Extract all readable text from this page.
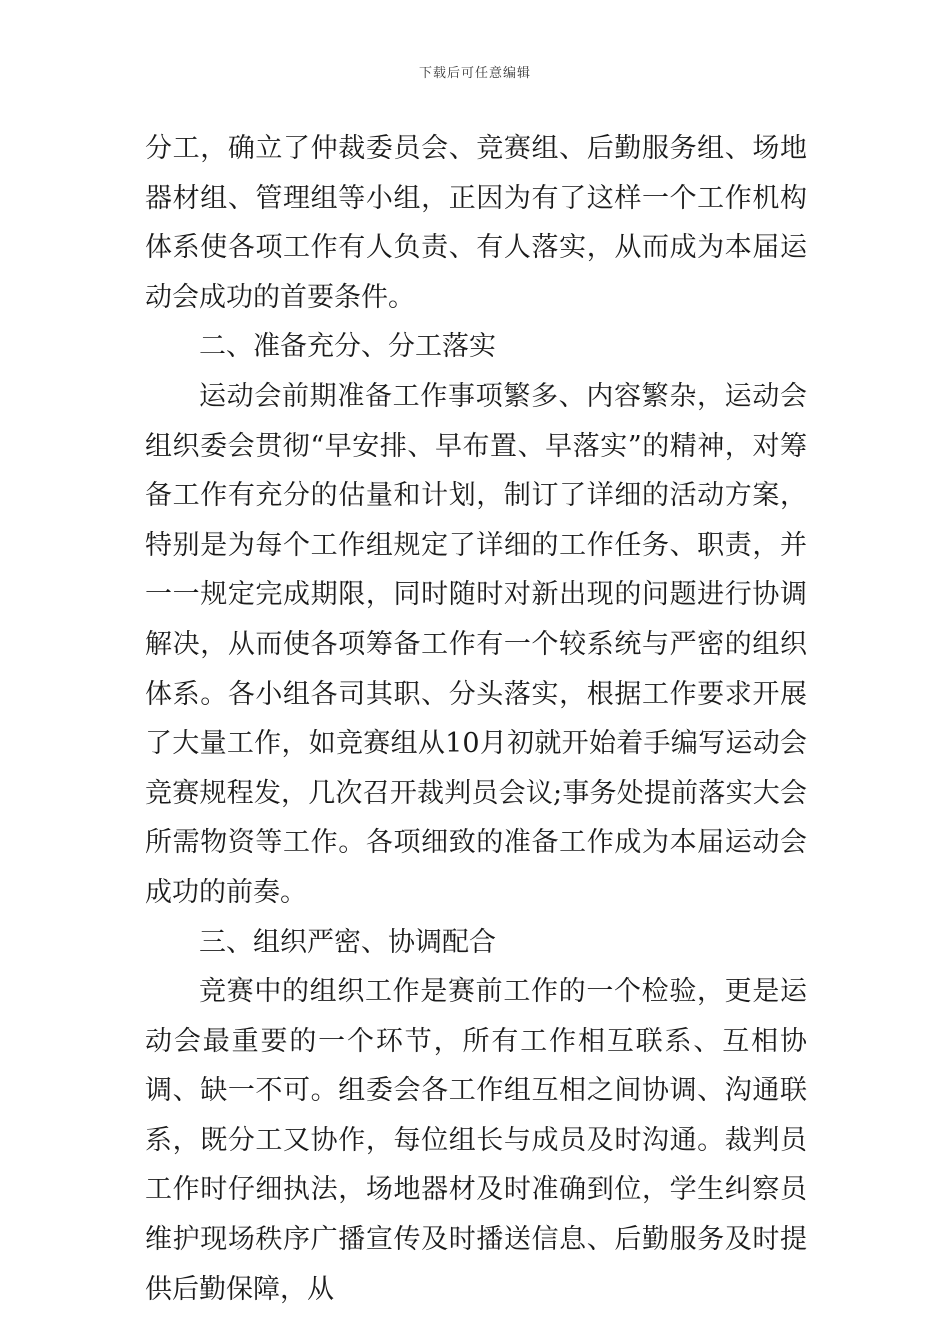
下载后可任意编辑

分工，确立了仲裁委员会、竞赛组、后勤服务组、场地器材组、管理组等小组，正因为有了这样一个工作机构体系使各项工作有人负责、有人落实，从而成为本届运动会成功的首要条件。

二、准备充分、分工落实

运动会前期准备工作事项繁多、内容繁杂，运动会组织委会贯彻“早安排、早布置、早落实”的精神，对筹备工作有充分的估量和计划，制订了详细的活动方案，特别是为每个工作组规定了详细的工作任务、职责，并一一规定完成期限，同时随时对新出现的问题进行协调解决，从而使各项筹备工作有一个较系统与严密的组织体系。各小组各司其职、分头落实，根据工作要求开展了大量工作，如竞赛组从10月初就开始着手编写运动会竞赛规程发，几次召开裁判员会议;事务处提前落实大会所需物资等工作。各项细致的准备工作成为本届运动会成功的前奏。

三、组织严密、协调配合

竞赛中的组织工作是赛前工作的一个检验，更是运动会最重要的一个环节，所有工作相互联系、互相协调、缺一不可。组委会各工作组互相之间协调、沟通联系，既分工又协作，每位组长与成员及时沟通。裁判员工作时仔细执法，场地器材及时准确到位，学生纠察员维护现场秩序广播宣传及时播送信息、后勤服务及时提供后勤保障，从
